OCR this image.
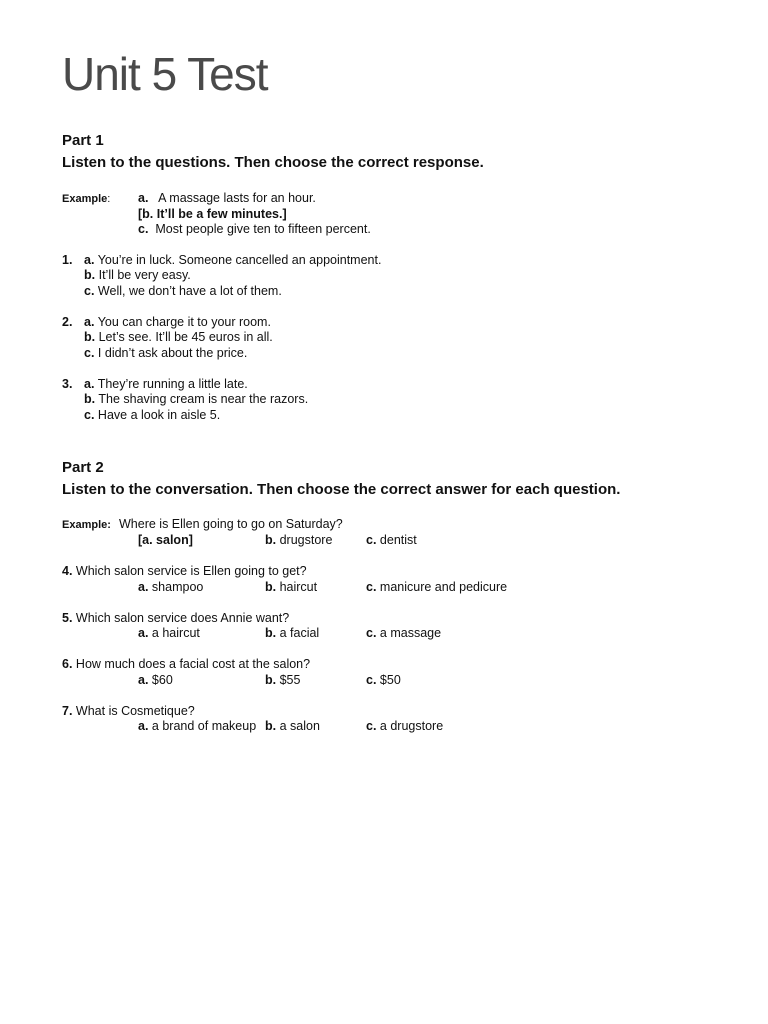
Unit 5 Test
Part 1
Listen to the questions. Then choose the correct response.
Example: a. A massage lasts for an hour.
[b. It’ll be a few minutes.]
c. Most people give ten to fifteen percent.
1. a. You’re in luck. Someone cancelled an appointment.
b. It’ll be very easy.
c. Well, we don’t have a lot of them.
2. a. You can charge it to your room.
b. Let’s see. It’ll be 45 euros in all.
c. I didn’t ask about the price.
3. a. They’re running a little late.
b. The shaving cream is near the razors.
c. Have a look in aisle 5.
Part 2
Listen to the conversation. Then choose the correct answer for each question.
Example: Where is Ellen going to go on Saturday?
[a. salon]	b. drugstore	c. dentist
4. Which salon service is Ellen going to get?
a. shampoo	b. haircut	c. manicure and pedicure
5. Which salon service does Annie want?
a. a haircut	b. a facial	c. a massage
6. How much does a facial cost at the salon?
a. $60	b. $55	c. $50
7. What is Cosmetique?
a. a brand of makeup b. a salon	c. a drugstore
